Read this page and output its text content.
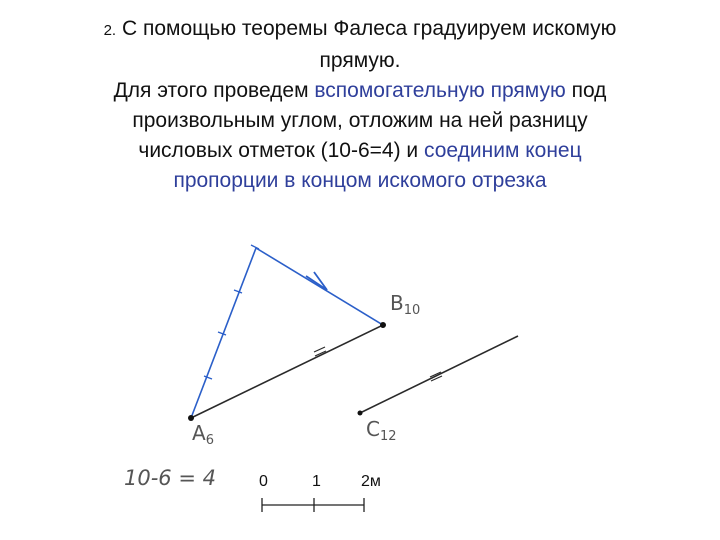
2. С помощью теоремы Фалеса градуируем искомую
прямую.
Для этого проведем вспомогательную прямую под
произвольным углом, отложим на ней разницу
числовых отметок (10-6=4) и соединим конец
пропорции в концом искомого отрезка
$A_6$
$B_{10}$
$C_{12}$
10-6 = 4	0	1	2м
